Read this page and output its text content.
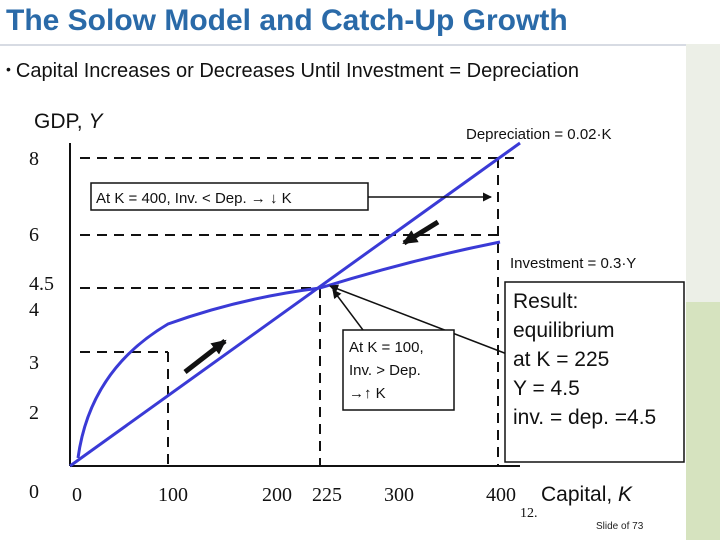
The Solow Model and Catch-Up Growth
• Capital Increases or Decreases Until Investment = Depreciation
GDP, Y
At K = 400, Inv. < Dep. → ↓ K
At K = 100,
Inv. > Dep.
→↑ K
Result:
equilibrium
at K = 225
Y = 4.5
inv. = dep. =4.5
Depreciation = 0.02·K
Investment = 0.3·Y
8
6
4.5
4
3
2
0 0	100	200 225 300	400 Capital, K
12.
Slide of 73
